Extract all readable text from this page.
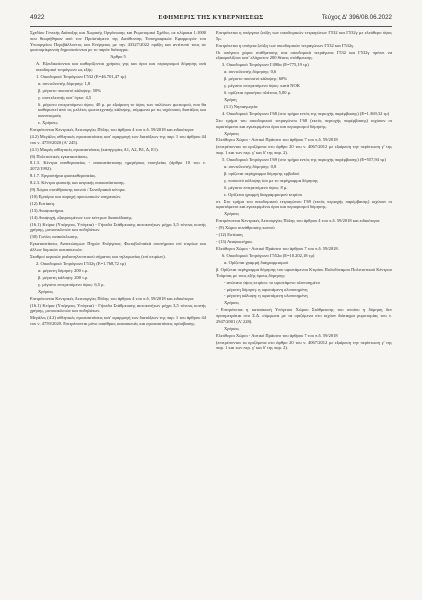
4922	ΕΦΗΜΕΡΙΣ ΤΗΣ ΚΥΒΕΡΝΗΣΕΩΣ	Τεύχος Δ' 396/08.06.2022

Σχεδίου Γενικής Διάταξης και Χωρικής Οργάνωσης και Ρυμοτομικό Σχέδιο, σε κλίμακα 1:1000 που θεωρήθηκαν από τον Προϊστάμενο της Διεύθυνσης Τοπογραφικών Εφαρμογών του Υπουργείου Περιβάλλοντος και Ενέργειας με την 43327/2022 πράξη και αντίτυπό τους σε φωτοσμίκρυνση δημοσιεύονται με το παρόν διάταγμα.

Άρθρο 5

Α. Εξειδικεύονται και καθορίζονται χρήσεις γης και όροι και περιορισμοί δόμησης ανά οικοδομικό τετράγωνο ως εξής:

1. Οικοδομικό Τετράγωνο Γ532 (Ε=46.701,47 τμ)

α. συντελεστής δόμησης: 1,8

β. μέγιστο ποσοστό κάλυψης: 50%

γ. συντελεστής κατ' όγκο: 4,5

δ. μέγιστο επιτρεπόμενο ύψος: 40 μ. με εξαίρεση το ύψος των πυλώνων φωτισμού, που θα καθοριστεί από τις μελέτες φωτοτεχνικής κάλυψης, σύμφωνα με τις ισχύουσες διατάξεις και κανονισμούς

ε. Χρήσεις:

Επιτρέπονται Κεντρικές Λειτουργίες Πόλης του άρθρου 4 του π.δ. 59/2018 και ειδικότερα:

(4.2) Μεγάλες αθλητικές εγκαταστάσεις κατ' εφαρμογή των διατάξεων της παρ. 1 του άρθρου 44 του ν. 4759/2020 (Α' 245).

(4.1) Μικρές αθλητικές εγκαταστάσεις (κατηγορίες Α1, Α2, Β1, Δ, Ε1).

(6) Πολιτιστικές εγκαταστάσεις.

8.1.3. Κέντρα αποθεραπείας - αποκατάστασης ημερήσιας νοσηλείας (άρθρο 10 του ν. 2072/1992).

8.1.7. Εργαστήρια φυσικοθεραπείας.

8.2.3. Κέντρα φυσικής και ιατρικής αποκατάστασης.

(9) Χώροι συνάθροισης κοινού / Συνεδριακά κέντρα.

(10) Εμπόριο και παροχή προσωπικών υπηρεσιών.

(12) Εστίαση.

(13) Αναψυκτήρια.

(14) Αναψυχή, εξαιρουμένων των κέντρων διασκέδασης.

(16.1) Κτίρια (Υπέργεια, Υπόγεια) - Γήπεδα Στάθμευσης αυτοκινήτων μέχρι 3,5 τόνους κοινής χρήσης, μοτοσικλετών και ποδηλάτων.

(30) Γωνίες ανακύκλωσης.

Εγκαταστάσεις Ανανεώσιμων Πηγών Ενέργειας: Φωτοβολταϊκά συστήματα επί κτιρίων και άλλων δομικών κατασκευών.

Σταθμοί κεραιών ραδιοτηλεοπτικού σήματος και τηλεφωνίας (επί κτιρίων).

2. Οικοδομικό Τετράγωνο Γ532γ (Ε=1.768,72 τμ)

α. μέγιστη δόμηση: 200 τ.μ.

β. μέγιστη κάλυψη: 200 τ.μ.

γ. μέγιστο επιτρεπόμενο ύψος: 6,5 μ.

Χρήσεις

Επιτρέπονται Κεντρικές Λειτουργίες Πόλης του άρθρου 4 του π.δ. 59/2018 και ειδικότερα:

(16.1) Κτίρια (Υπέργεια, Υπόγεια) - Γήπεδα Στάθμευσης αυτοκινήτων μέχρι 3,5 τόνους κοινής χρήσης, μοτοσικλετών και ποδηλάτων.

Μεγάλες (4.2) αθλητικές εγκαταστάσεις κατ' εφαρμογή των διατάξεων της παρ. 1 του άρθρου 44 του ν. 4759/2020. Επιτρέπονται μόνο υπαίθριες κατασκευές και εγκαταστάσεις πρόσβασης.

Επιτρέπεται η υπέργεια ζεύξη των οικοδομικών τετραγώνων Γ532 και Γ532γ με ελεύθερο ύψος 5μ.

Επιτρέπεται η υπόγεια ζεύξη των οικοδομικών τετραγώνων Γ532 και Γ532γ.

Οι υπόγειοι χώροι στάθμευσης στα οικοδομικά τετράγωνα Γ532 και Γ532γ πρέπει να εξασφαλίζουν κατ' ελάχιστον 200 θέσεις στάθμευσης.

3. Οικοδομικό Τετράγωνο Γ490α (Ε=775,19 τμ)

α. συντελεστής δόμησης: 0,6

β. μέγιστο ποσοστό κάλυψης: 60%

γ. μέγιστο επιτρεπόμενο ύψος: κατά ΝΟΚ

δ. ορίζεται προκήπιο πλάτους 5,00 μ.

Χρήση

(3.1) Νηπιαγωγεία

4. Οικοδομικό Τετράγωνο Γ68 (στο τμήμα εντός της περιοχής παρέμβασης) (Ε=1.369,32 τμ)

Στο τμήμα του οικοδομικού τετραγώνου Γ68 (εκτός περιοχής παρέμβασης) ισχύουν οι υφιστάμενοι και εγκεκριμένοι όροι και περιορισμοί δόμησης.

Χρήσεις

Ελεύθεροι Χώροι - Αστικό Πράσινο του άρθρου 7 του π.δ. 59/2018

(επιτρέπονται τα οριζόμενα στο άρθρο 20 του ν. 4067/2012 με εξαίρεση την περίπτωση γ' της παρ. 1 και των περ. γ' και δ' της παρ. 2).

5. Οικοδομικό Τετράγωνο Γ69 (στο τμήμα εντός της περιοχής παρέμβασης) (Ε=557,94 τμ)

α. συντελεστής δόμησης: 0,8

β. ορίζεται περίγραμμα δόμησης εμβαδού

γ. ποσοστό κάλυψης ίσο με το περίγραμμα δόμησης

δ. μέγιστο επιτρεπόμενο ύψος: 8 μ.

ε. Ορίζεται γραμμή διαγραμμισμού κτιρίου

στ. Στο τμήμα του οικοδομικού τετραγώνου Γ69 (εκτός περιοχής παρέμβασης) ισχύουν οι υφιστάμενοι και εγκεκριμένοι όροι και περιορισμοί δόμησης.

Χρήσεις

Επιτρέπονται Κεντρικές Λειτουργίες Πόλης του άρθρου 4 του π.δ. 59/2018 και ειδικότερα:

- (9) Χώροι συνάθροισης κοινού

- (12) Εστίαση

- (13) Αναψυκτήρια.

Ελεύθεροι Χώροι - Αστικό Πράσινο του άρθρου 7 του π.δ. 59/2018.

6. Οικοδομικό Τετράγωνο Γ552α (Ε=10.202,18 τμ)

α. Ορίζεται γραμμή διαγραμμισμού

β. Ορίζεται περίγραμμα δόμησης του υφιστάμενου Κτιρίου Πολυδύναμου Πολιτιστικού Κέντρου Τούμπας με τους εξής όρους δόμησης:

- ανώτατο ύψος κτιρίου: το υφιστάμενο υλοποιημένο

- μέγιστη δόμηση: η υφιστάμενη υλοποιημένη

- μέγιστη κάλυψη: η υφιστάμενη υλοποιημένη

Χρήσεις

- Επιτρέπεται η κατασκευή Υπόγειου Χώρου Στάθμευσης του οποίου η δόμηση δεν προσμετράται στο Σ.Δ. σύμφωνα με τα οριζόμενα στο ισχύον διάταγμα ρυμοτομίας του ν. 2947/2001 (Α' 228).

Χρήσεις

Ελεύθεροι Χώροι - Αστικό Πράσινο του άρθρου 7 του π.δ. 59/2018

(επιτρέπονται τα οριζόμενα στο άρθρο 20 του ν. 4067/2012 με εξαίρεση την περίπτωση γ' της παρ. 1 και των περ. γ' και δ' της παρ. 2).
